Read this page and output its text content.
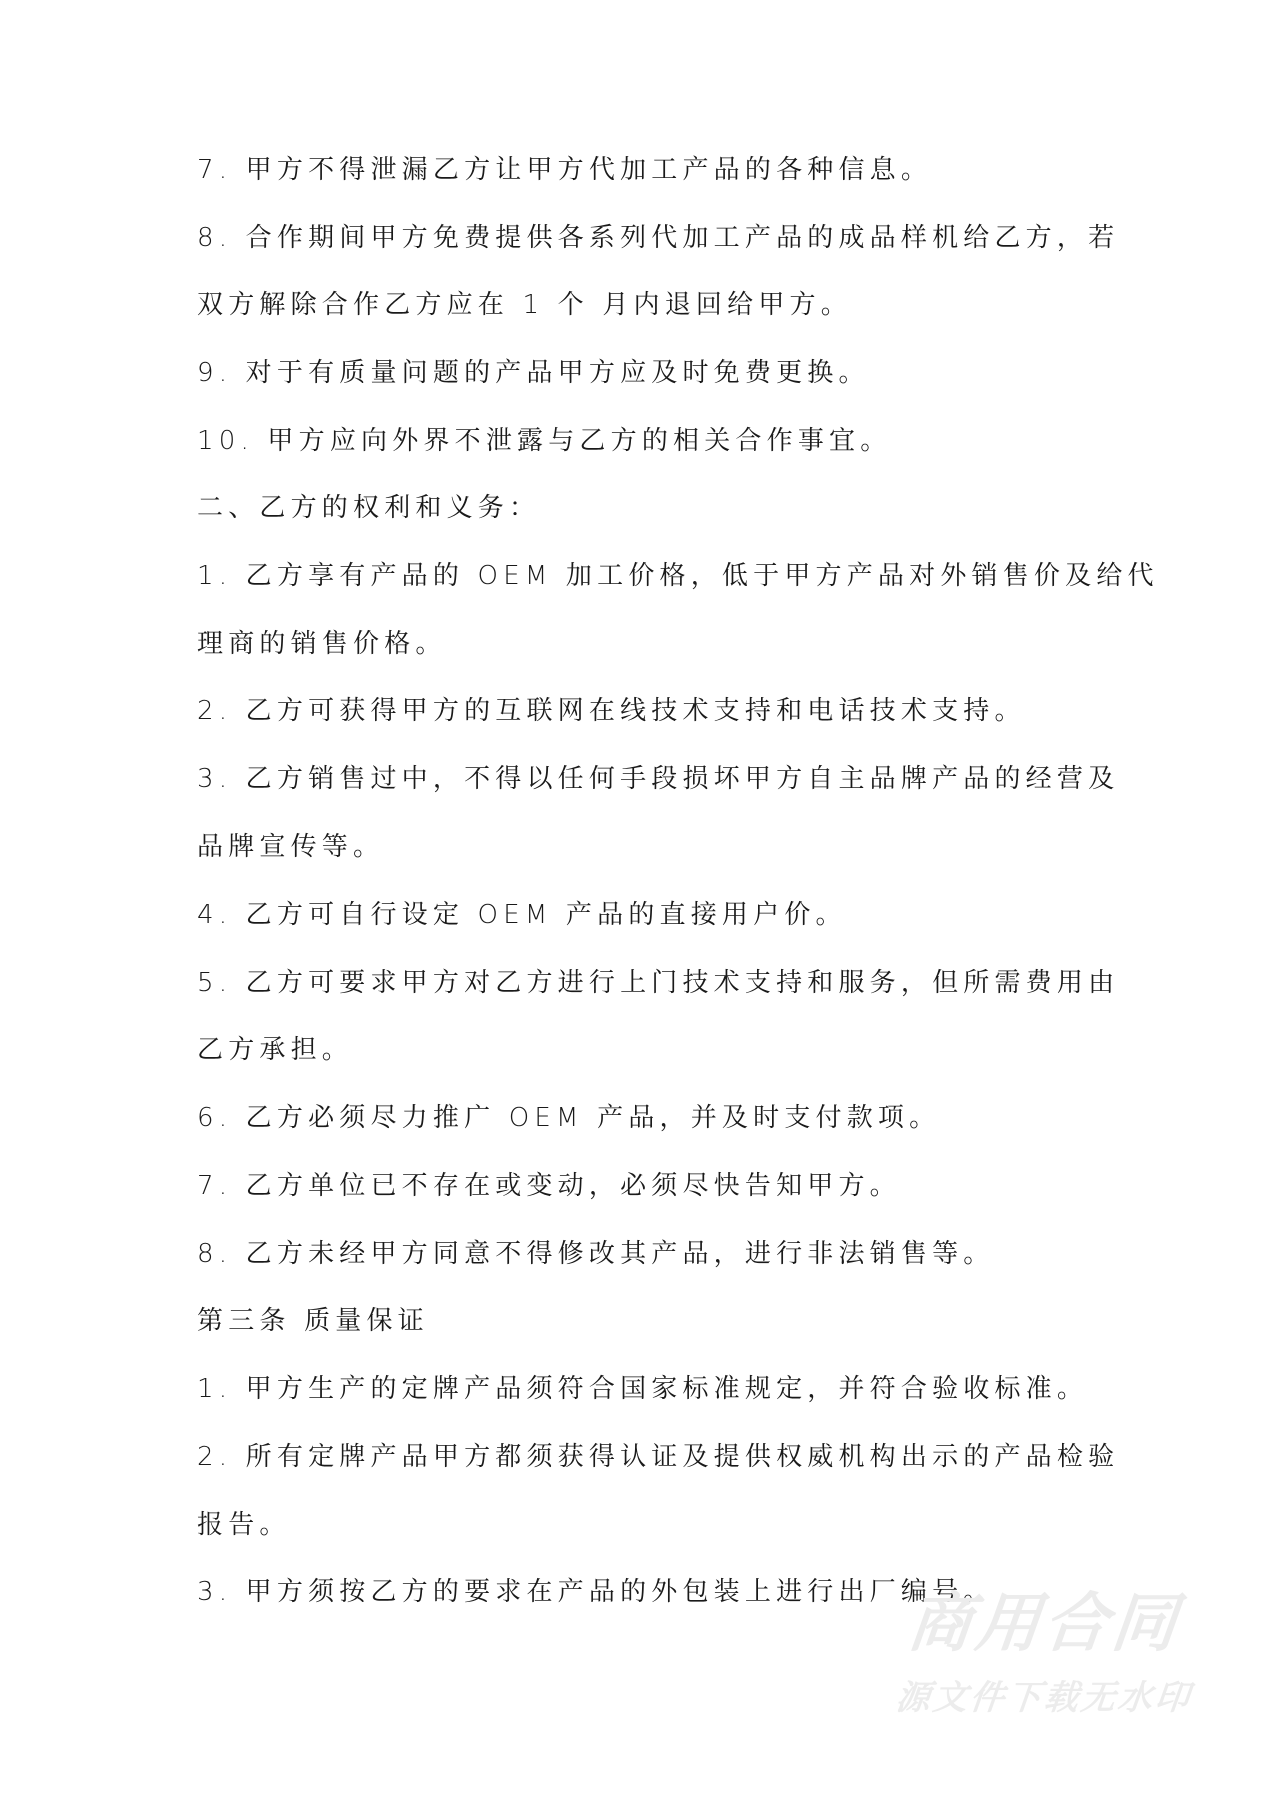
7. 甲方不得泄漏乙方让甲方代加工产品的各种信息。
8. 合作期间甲方免费提供各系列代加工产品的成品样机给乙方，若
双方解除合作乙方应在 1 个 月内退回给甲方。
9. 对于有质量问题的产品甲方应及时免费更换。
10. 甲方应向外界不泄露与乙方的相关合作事宜。
二、乙方的权利和义务：
1. 乙方享有产品的 OEM 加工价格，低于甲方产品对外销售价及给代
理商的销售价格。
2. 乙方可获得甲方的互联网在线技术支持和电话技术支持。
3. 乙方销售过中，不得以任何手段损坏甲方自主品牌产品的经营及
品牌宣传等。
4. 乙方可自行设定 OEM 产品的直接用户价。
5. 乙方可要求甲方对乙方进行上门技术支持和服务，但所需费用由
乙方承担。
6. 乙方必须尽力推广 OEM 产品，并及时支付款项。
7. 乙方单位已不存在或变动，必须尽快告知甲方。
8. 乙方未经甲方同意不得修改其产品，进行非法销售等。
第三条 质量保证
1. 甲方生产的定牌产品须符合国家标准规定，并符合验收标准。
2. 所有定牌产品甲方都须获得认证及提供权威机构出示的产品检验
报告。
3. 甲方须按乙方的要求在产品的外包装上进行出厂编号。
商用合同
源文件下载无水印
